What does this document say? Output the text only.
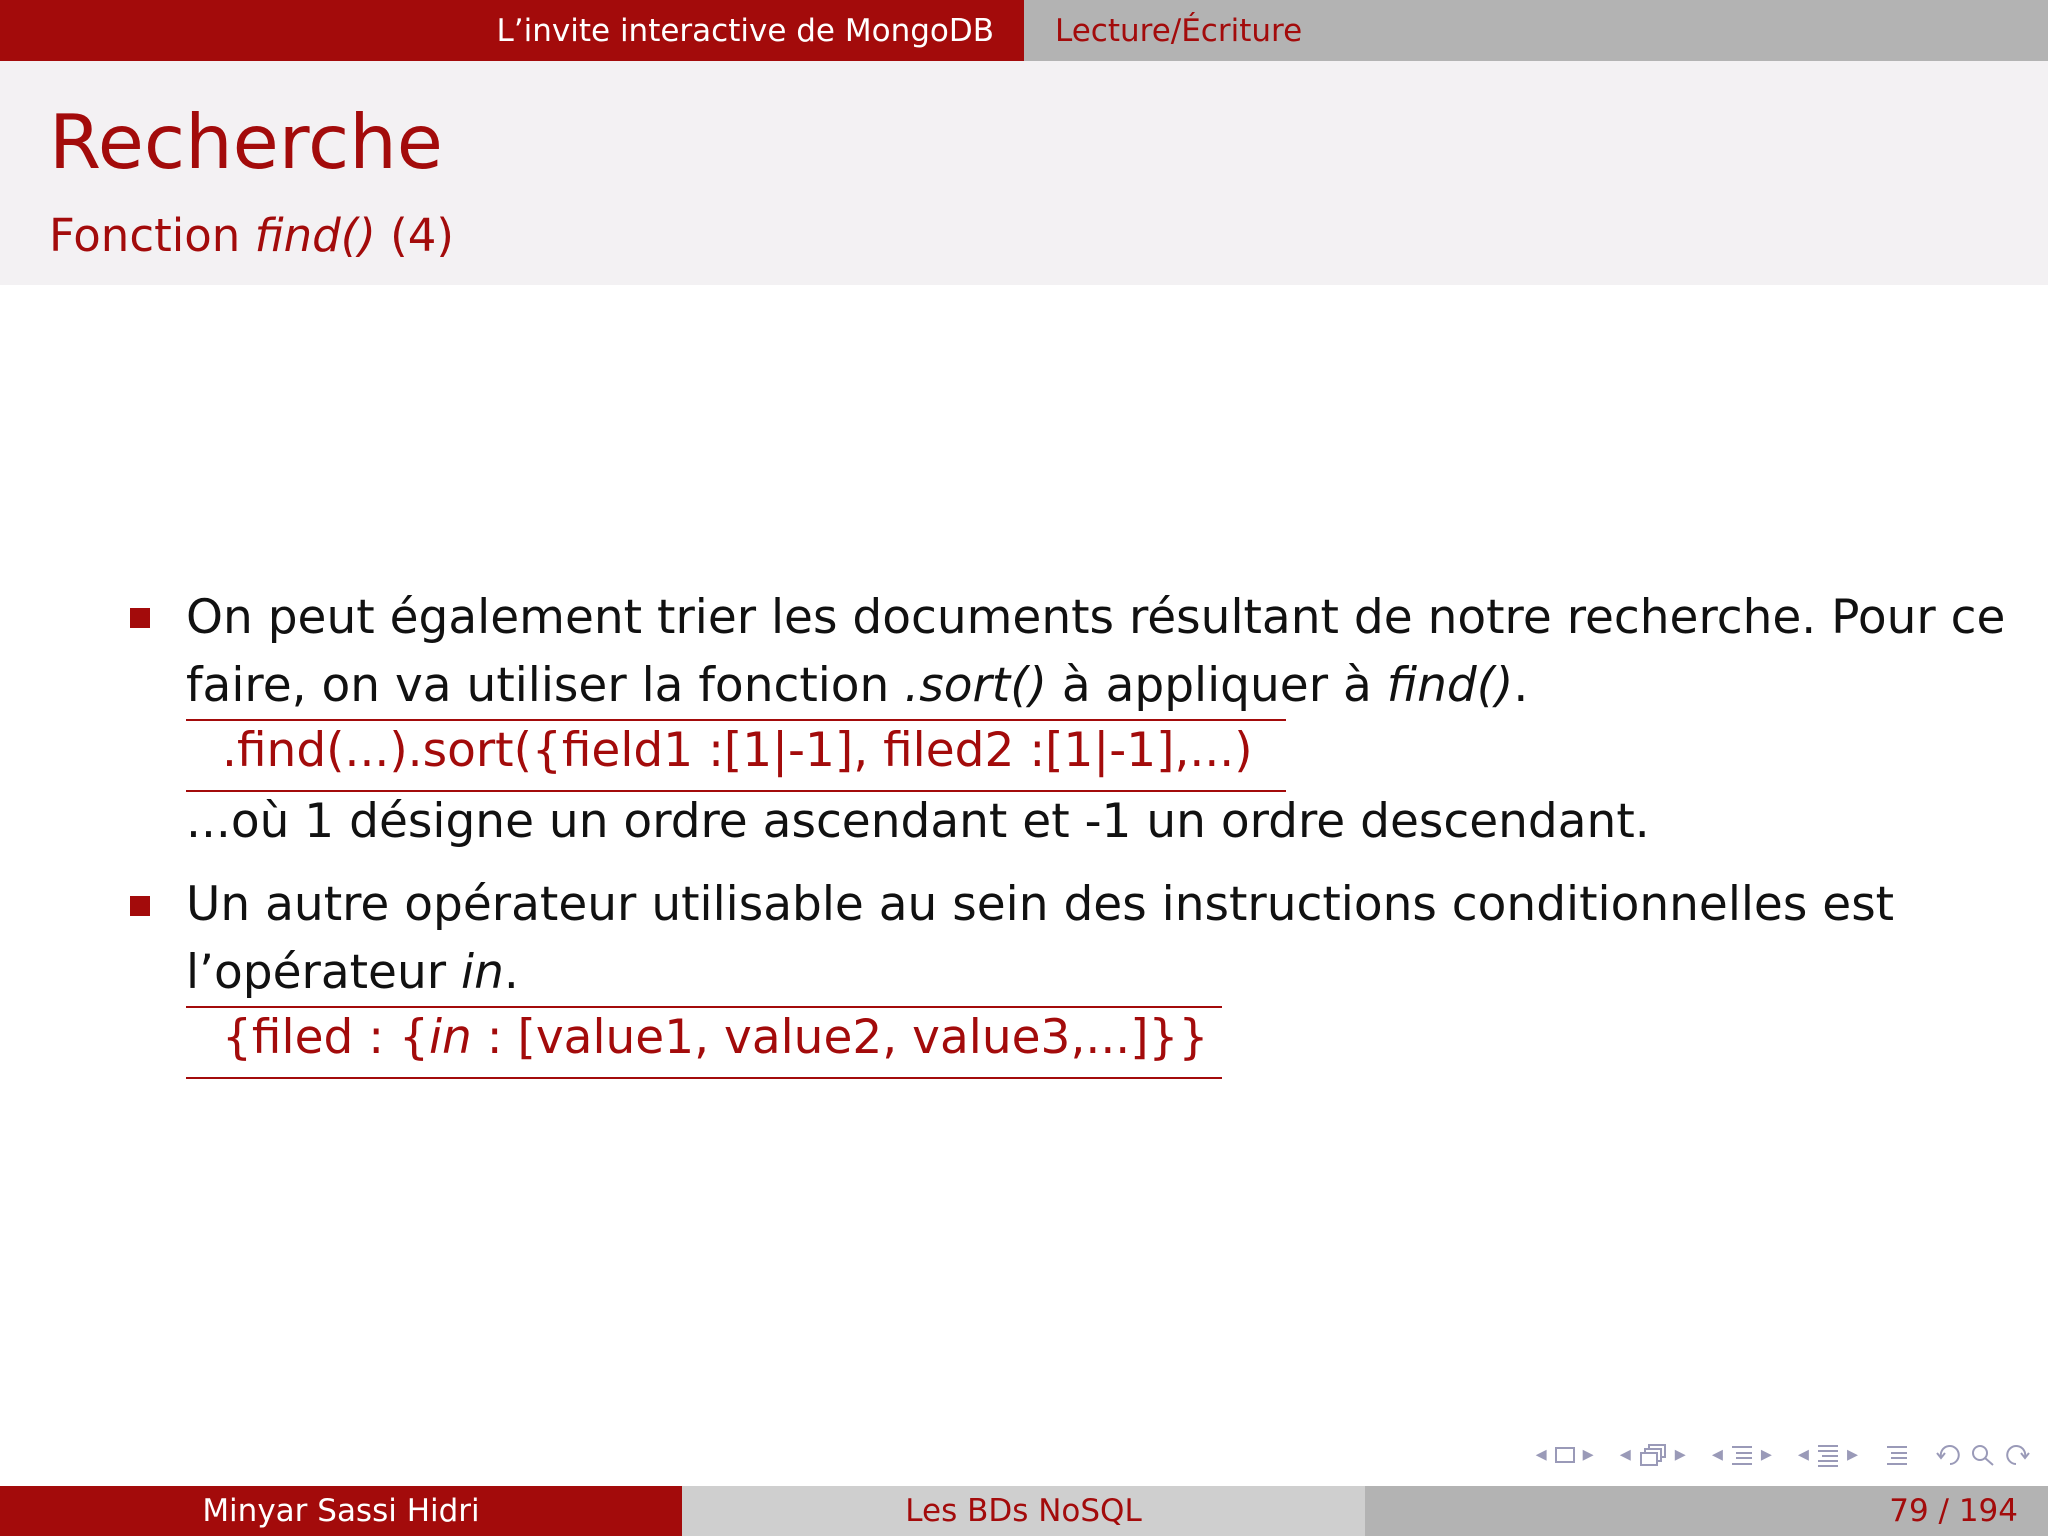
L’invite interactive de MongoDB Lecture/Écriture
Recherche
Fonction find() (4)
On peut également trier les documents résultant de notre recherche. Pour ce
faire, on va utiliser la fonction .sort() à appliquer à find().
.find(...).sort({field1 :[1|-1], filed2 :[1|-1],...)
...où 1 désigne un ordre ascendant et -1 un ordre descendant.
Un autre opérateur utilisable au sein des instructions conditionnelles est
l’opérateur in.
{filed : {in : [value1, value2, value3,...]}}
◂ ▸ ◂ ▸ ◂ ▸ ◂ ▸
Minyar Sassi Hidri	Les BDs NoSQL	79 / 194
